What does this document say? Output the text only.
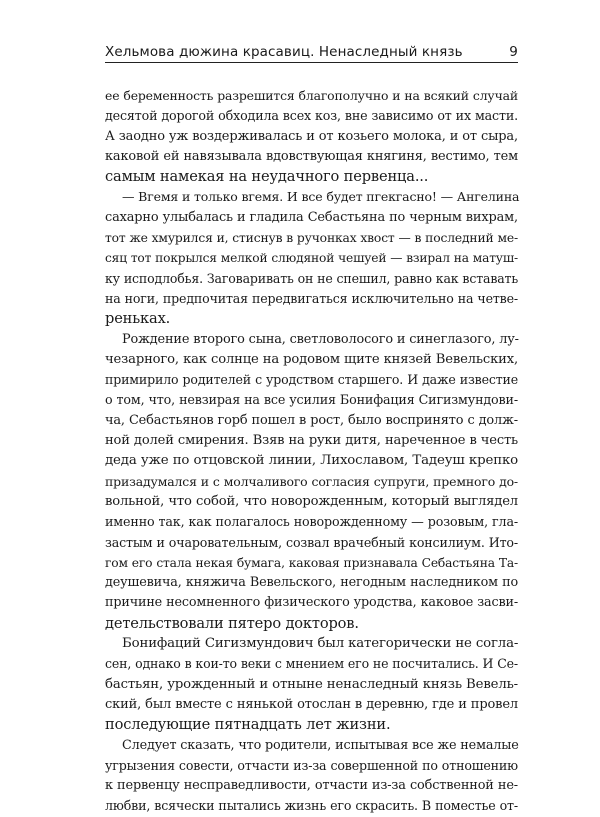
Хельмова дюжина красавиц. Ненаследный князь	9
ее беременность разрешится благополучно и на всякий случай
десятой дорогой обходила всех коз, вне зависимо от их масти.
А заодно уж воздерживалась и от козьего молока, и от сыра,
каковой ей навязывала вдовствующая княгиня, вестимо, тем
самым намекая на неудачного первенца...
— Вгемя и только вгемя. И все будет пгекгасно! — Ангелина
сахарно улыбалась и гладила Себастьяна по черным вихрам,
тот же хмурился и, стиснув в ручонках хвост — в последний ме-
сяц тот покрылся мелкой слюдяной чешуей — взирал на матуш-
ку исподлобья. Заговаривать он не спешил, равно как вставать
на ноги, предпочитая передвигаться исключительно на четве-
реньках.
Рождение второго сына, светловолосого и синеглазого, лу-
чезарного, как солнце на родовом щите князей Вевельских,
примирило родителей с уродством старшего. И даже известие
о том, что, невзирая на все усилия Бонифация Сигизмундови-
ча, Себастьянов горб пошел в рост, было воспринято с долж-
ной долей смирения. Взяв на руки дитя, нареченное в честь
деда уже по отцовской линии, Лихославом, Тадеуш крепко
призадумался и с молчаливого согласия супруги, премного до-
вольной, что собой, что новорожденным, который выглядел
именно так, как полагалось новорожденному — розовым, гла-
застым и очаровательным, созвал врачебный консилиум. Ито-
гом его стала некая бумага, каковая признавала Себастьяна Та-
деушевича, княжича Вевельского, негодным наследником по
причине несомненного физического уродства, каковое засви-
детельствовали пятеро докторов.
Бонифаций Сигизмундович был категорически не согла-
сен, однако в кои-то веки с мнением его не посчитались. И Се-
бастьян, урожденный и отныне ненаследный князь Вевель-
ский, был вместе с нянькой отослан в деревню, где и провел
последующие пятнадцать лет жизни.
Следует сказать, что родители, испытывая все же немалые
угрызения совести, отчасти из-за совершенной по отношению
к первенцу несправедливости, отчасти из-за собственной не-
любви, всячески пытались жизнь его скрасить. В поместье от-
